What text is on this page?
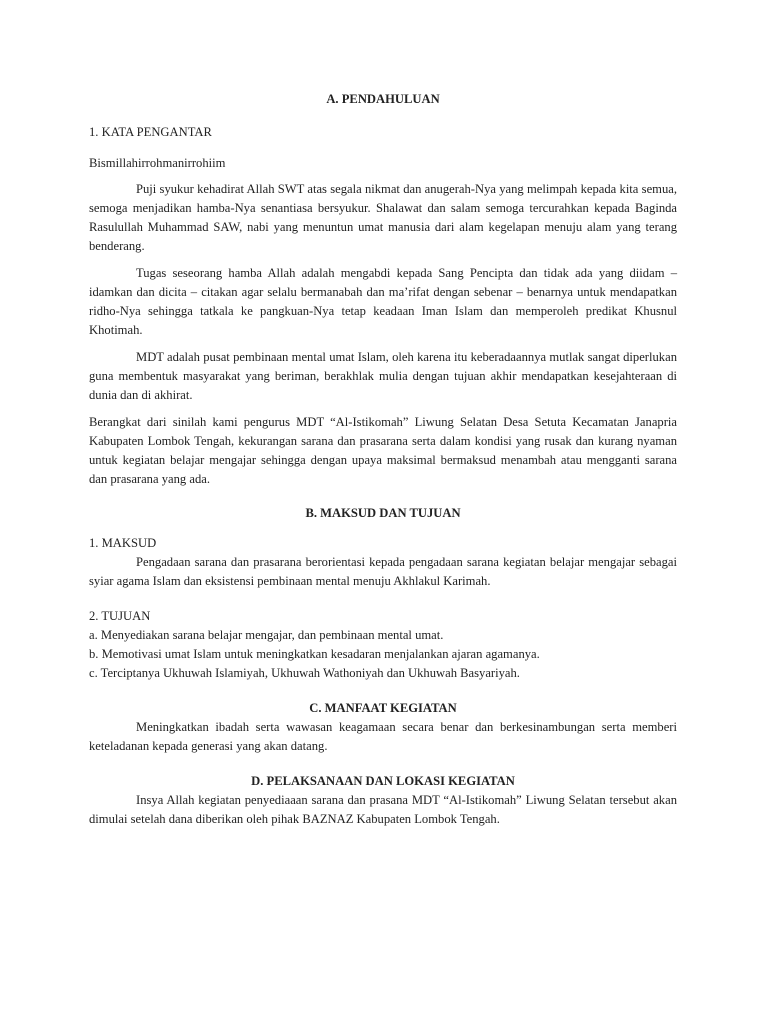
A. PENDAHULUAN

1. KATA PENGANTAR

Bismillahirrohmanirrohiim

Puji syukur kehadirat Allah SWT atas segala nikmat dan anugerah-Nya yang melimpah kepada kita semua, semoga menjadikan hamba-Nya senantiasa bersyukur. Shalawat dan salam semoga tercurahkan kepada Baginda Rasulullah Muhammad SAW, nabi yang menuntun umat manusia dari alam kegelapan menuju alam yang terang benderang.

Tugas seseorang hamba Allah adalah mengabdi kepada Sang Pencipta dan tidak ada yang diidam – idamkan dan dicita – citakan agar selalu bermanabah dan ma’rifat dengan sebenar – benarnya untuk mendapatkan ridho-Nya sehingga tatkala ke pangkuan-Nya tetap keadaan Iman Islam dan memperoleh predikat Khusnul Khotimah.

MDT adalah pusat pembinaan mental umat Islam, oleh karena itu keberadaannya mutlak sangat diperlukan guna membentuk masyarakat yang beriman, berakhlak mulia dengan tujuan akhir mendapatkan kesejahteraan di dunia dan di akhirat.

Berangkat dari sinilah kami pengurus MDT “Al-Istikomah” Liwung Selatan Desa Setuta Kecamatan Janapria Kabupaten Lombok Tengah, kekurangan sarana dan prasarana serta dalam kondisi yang rusak dan kurang nyaman untuk kegiatan belajar mengajar sehingga dengan upaya maksimal bermaksud menambah atau mengganti sarana dan prasarana yang ada.

B. MAKSUD DAN TUJUAN

1. MAKSUD

Pengadaan sarana dan prasarana berorientasi kepada pengadaan sarana kegiatan belajar mengajar sebagai syiar agama Islam dan eksistensi pembinaan mental menuju Akhlakul Karimah.

2. TUJUAN

a. Menyediakan sarana belajar mengajar, dan pembinaan mental umat.
b. Memotivasi umat Islam untuk meningkatkan kesadaran menjalankan ajaran agamanya.
c. Terciptanya Ukhuwah Islamiyah, Ukhuwah Wathoniyah dan Ukhuwah Basyariyah.

C. MANFAAT KEGIATAN

Meningkatkan ibadah serta wawasan keagamaan secara benar dan berkesinambungan serta memberi keteladanan kepada generasi yang akan datang.

D. PELAKSANAAN DAN LOKASI KEGIATAN

Insya Allah kegiatan penyediaaan sarana dan prasana MDT “Al-Istikomah” Liwung Selatan tersebut akan dimulai setelah dana diberikan oleh pihak BAZNAZ Kabupaten Lombok Tengah.
